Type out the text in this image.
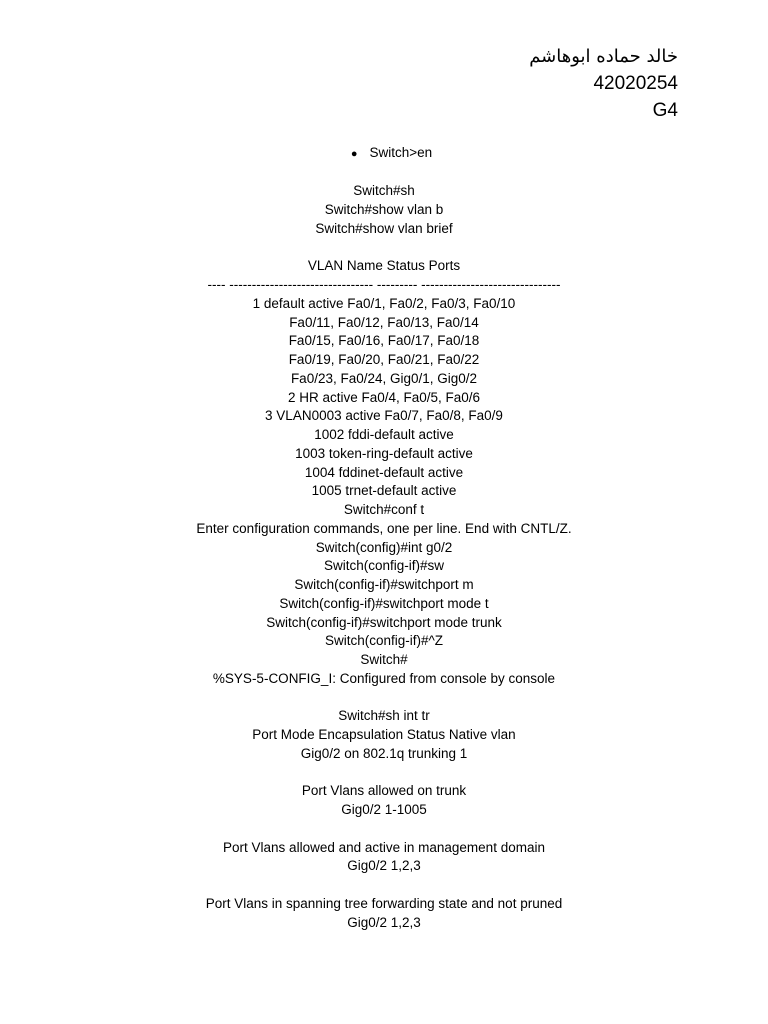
خالد حماده ابوهاشم
42020254
G4

● Switch>en

Switch#sh
Switch#show vlan b
Switch#show vlan brief
VLAN Name Status Ports
---- -------------------------------- --------- -------------------------------
1 default active Fa0/1, Fa0/2, Fa0/3, Fa0/10
Fa0/11, Fa0/12, Fa0/13, Fa0/14
Fa0/15, Fa0/16, Fa0/17, Fa0/18
Fa0/19, Fa0/20, Fa0/21, Fa0/22
Fa0/23, Fa0/24, Gig0/1, Gig0/2
2 HR active Fa0/4, Fa0/5, Fa0/6
3 VLAN0003 active Fa0/7, Fa0/8, Fa0/9
1002 fddi-default active
1003 token-ring-default active
1004 fddinet-default active
1005 trnet-default active
Switch#conf t
Enter configuration commands, one per line. End with CNTL/Z.
Switch(config)#int g0/2
Switch(config-if)#sw
Switch(config-if)#switchport m
Switch(config-if)#switchport mode t
Switch(config-if)#switchport mode trunk
Switch(config-if)#^Z
Switch#
%SYS-5-CONFIG_I: Configured from console by console
Switch#sh int tr
Port Mode Encapsulation Status Native vlan
Gig0/2 on 802.1q trunking 1
Port Vlans allowed on trunk
Gig0/2 1-1005
Port Vlans allowed and active in management domain
Gig0/2 1,2,3
Port Vlans in spanning tree forwarding state and not pruned
Gig0/2 1,2,3
